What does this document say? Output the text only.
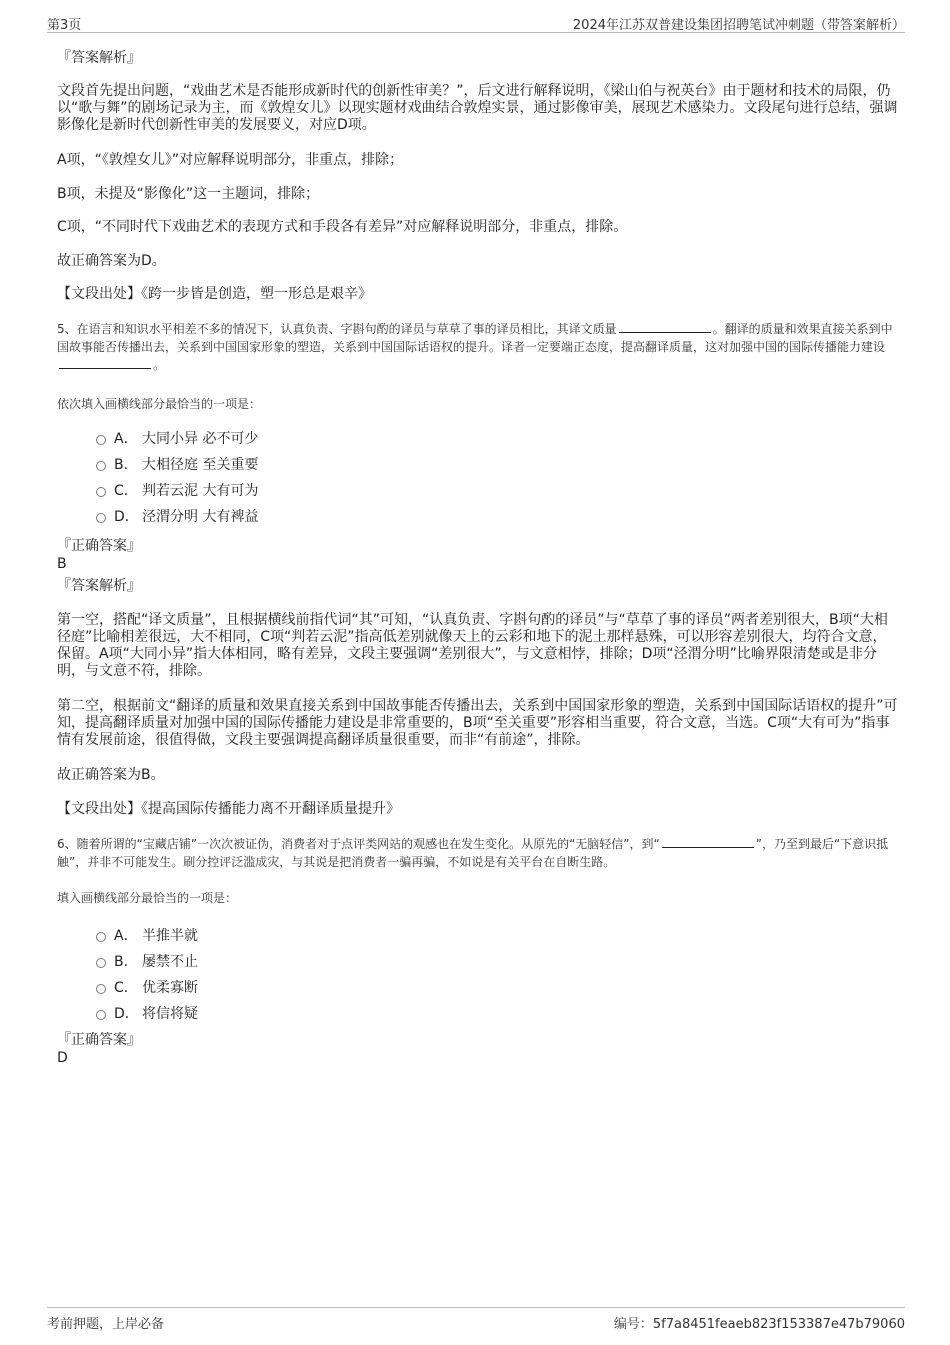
第3页	2024年江苏双普建设集团招聘笔试冲刺题（带答案解析）
『答案解析』
文段首先提出问题，“戏曲艺术是否能形成新时代的创新性审美？”，后文进行解释说明，《梁山伯与祝英台》由于题材和技术的局限，仍以“歌与舞”的剧场记录为主，而《敦煌女儿》以现实题材戏曲结合敦煌实景，通过影像审美，展现艺术感染力。文段尾句进行总结，强调影像化是新时代创新性审美的发展要义，对应D项。
A项，“《敦煌女儿》”对应解释说明部分，非重点，排除；
B项，未提及“影像化”这一主题词，排除；
C项，“不同时代下戏曲艺术的表现方式和手段各有差异”对应解释说明部分，非重点，排除。
故正确答案为D。
【文段出处】《跨一步皆是创造，塑一形总是艰辛》
5、在语言和知识水平相差不多的情况下，认真负责、字斟句酌的译员与草草了事的译员相比，其译文质量	。翻译的质量和效果直接关系到中国故事能否传播出去，关系到中国国家形象的塑造，关系到中国国际话语权的提升。译者一定要端正态度，提高翻译质量，这对加强中国的国际传播能力建设。
依次填入画横线部分最恰当的一项是：
A． 大同小异 必不可少
B． 大相径庭 至关重要
C． 判若云泥 大有可为
D． 泾渭分明 大有裨益
『正确答案』
B
『答案解析』
第一空，搭配“译文质量”，且根据横线前指代词“其”可知，“认真负责、字斟句酌的译员”与“草草了事的译员”两者差别很大，B项“大相径庭”比喻相差很远，大不相同，C项“判若云泥”指高低差别就像天上的云彩和地下的泥土那样悬殊，可以形容差别很大，均符合文意，保留。A项“大同小异”指大体相同，略有差异，文段主要强调“差别很大”，与文意相悖，排除；D项“泾渭分明”比喻界限清楚或是非分明，与文意不符，排除。
第二空，根据前文“翻译的质量和效果直接关系到中国故事能否传播出去，关系到中国国家形象的塑造，关系到中国国际话语权的提升”可知，提高翻译质量对加强中国的国际传播能力建设是非常重要的，B项“至关重要”形容相当重要，符合文意，当选。C项“大有可为”指事情有发展前途，很值得做，文段主要强调提高翻译质量很重要，而非“有前途”，排除。
故正确答案为B。
【文段出处】《提高国际传播能力离不开翻译质量提升》
6、随着所谓的“宝藏店铺”一次次被证伪，消费者对于点评类网站的观感也在发生变化。从原先的“无脑轻信”，到“	”，乃至到最后“下意识抵触”，并非不可能发生。刷分控评泛滥成灾，与其说是把消费者一骗再骗，不如说是有关平台在自断生路。
填入画横线部分最恰当的一项是：
A． 半推半就
B． 屡禁不止
C． 优柔寡断
D． 将信将疑
『正确答案』
D
考前押题，上岸必备	编号：5f7a8451feaeb823f153387e47b79060
